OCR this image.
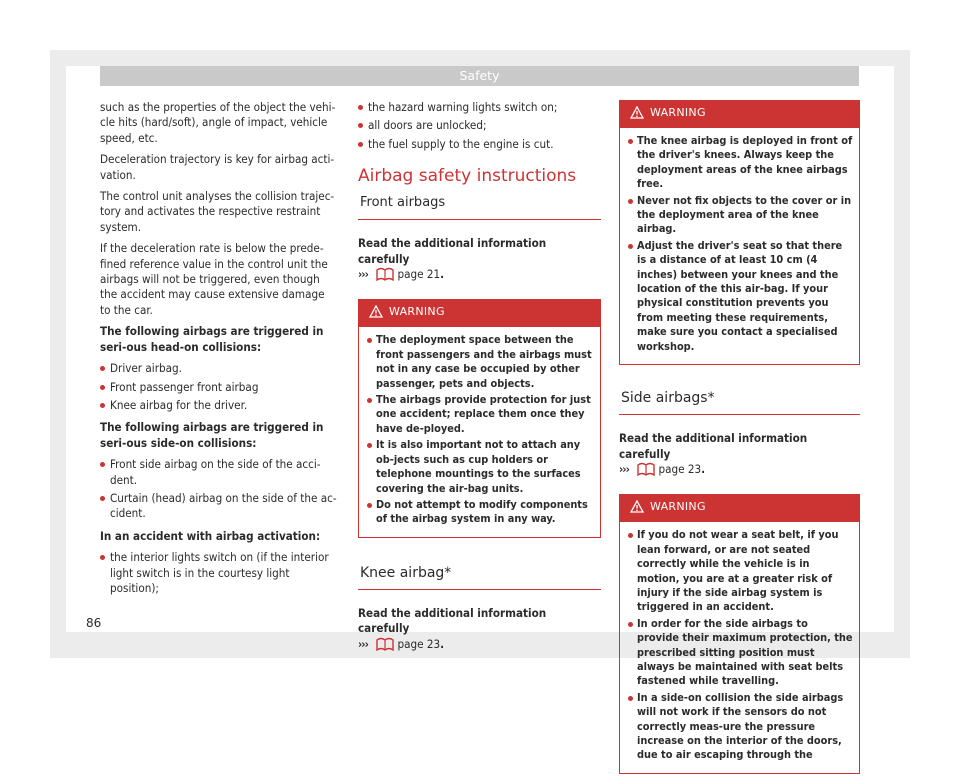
Safety

such as the properties of the object the vehi-cle hits (hard/soft), angle of impact, vehicle speed, etc.

Deceleration trajectory is key for airbag acti-vation.

The control unit analyses the collision trajec-tory and activates the respective restraint system.

If the deceleration rate is below the prede-fined reference value in the control unit the airbags will not be triggered, even though the accident may cause extensive damage to the car.

The following airbags are triggered in seri-ous head-on collisions:

Driver airbag.
Front passenger front airbag
Knee airbag for the driver.

The following airbags are triggered in seri-ous side-on collisions:

Front side airbag on the side of the acci-dent.
Curtain (head) airbag on the side of the ac-cident.

In an accident with airbag activation:

the interior lights switch on (if the interior light switch is in the courtesy light position);
the hazard warning lights switch on;
all doors are unlocked;
the fuel supply to the engine is cut.
Airbag safety instructions
Front airbags
Read the additional information carefully
›››	page 21.
WARNING
The deployment space between the front passengers and the airbags must not in any case be occupied by other passenger, pets and objects.
The airbags provide protection for just one accident; replace them once they have de-ployed.
It is also important not to attach any ob-jects such as cup holders or telephone mountings to the surfaces covering the air-bag units.
Do not attempt to modify components of the airbag system in any way.
Knee airbag*
Read the additional information carefully
›››	page 23.
WARNING
The knee airbag is deployed in front of the driver's knees. Always keep the deployment areas of the knee airbags free.
Never not fix objects to the cover or in the deployment area of the knee airbag.
Adjust the driver's seat so that there is a distance of at least 10 cm (4 inches) between your knees and the location of the this air-bag. If your physical constitution prevents you from meeting these requirements, make sure you contact a specialised workshop.
Side airbags*
Read the additional information carefully
›››	page 23.
WARNING
If you do not wear a seat belt, if you lean forward, or are not seated correctly while the vehicle is in motion, you are at a greater risk of injury if the side airbag system is triggered in an accident.
In order for the side airbags to provide their maximum protection, the prescribed sitting position must always be maintained with seat belts fastened while travelling.
In a side-on collision the side airbags will not work if the sensors do not correctly meas-ure the pressure increase on the interior of the doors, due to air escaping through the
86
